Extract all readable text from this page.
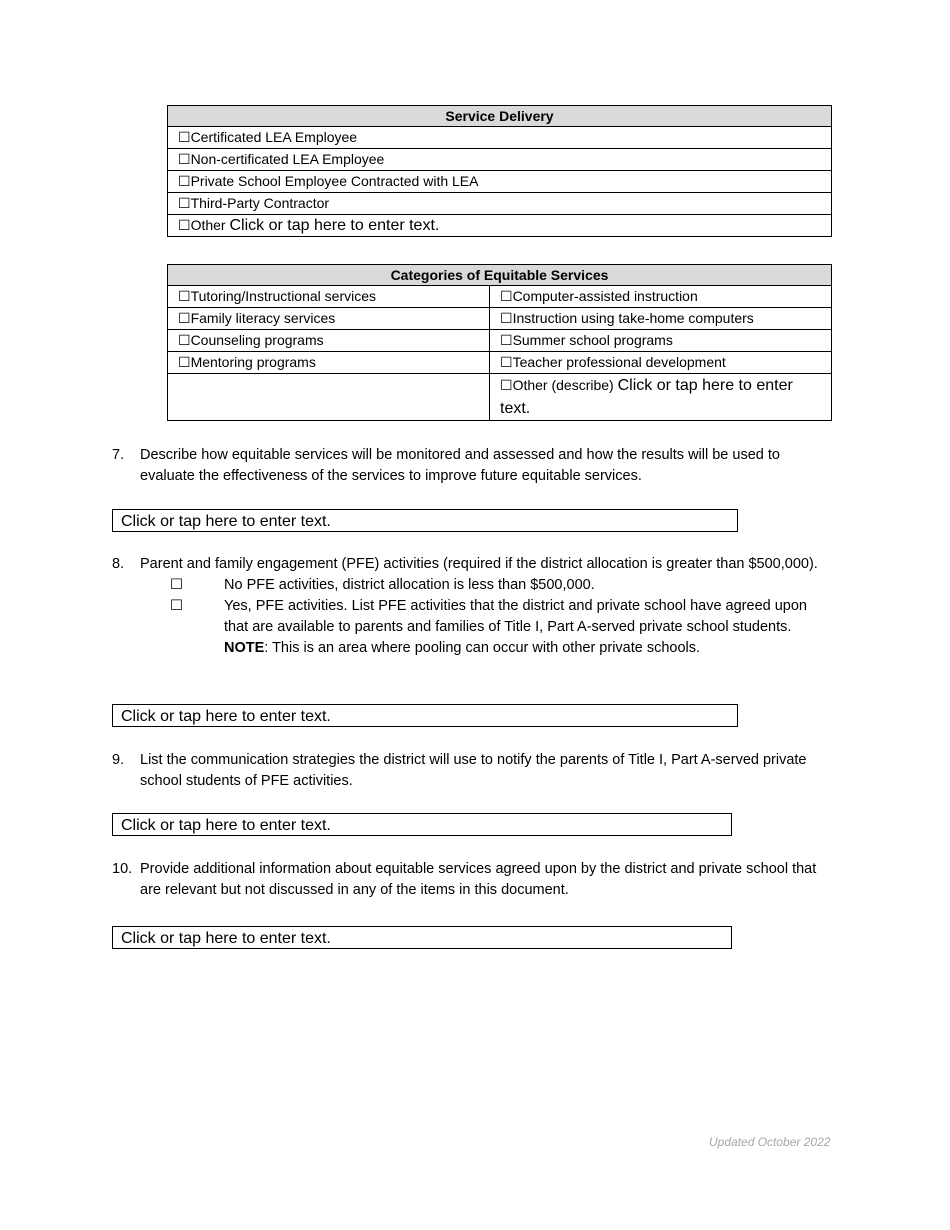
Service Delivery
☐Certificated LEA Employee
☐Non-certificated LEA Employee
☐Private School Employee Contracted with LEA
☐Third-Party Contractor
☐Other Click or tap here to enter text.
Categories of Equitable Services	
☐Tutoring/Instructional services	☐Computer-assisted instruction
☐Family literacy services	☐Instruction using take-home computers
☐Counseling programs	☐Summer school programs
☐Mentoring programs	☐Teacher professional development
	☐Other (describe) Click or tap here to enter text.
7. Describe how equitable services will be monitored and assessed and how the results will be used to evaluate the effectiveness of the services to improve future equitable services.
Click or tap here to enter text.
8. Parent and family engagement (PFE) activities (required if the district allocation is greater than $500,000).
☐	No PFE activities, district allocation is less than $500,000.
☐	Yes, PFE activities. List PFE activities that the district and private school have agreed upon that are available to parents and families of Title I, Part A-served private school students. NOTE: This is an area where pooling can occur with other private schools.
Click or tap here to enter text.
9. List the communication strategies the district will use to notify the parents of Title I, Part A-served private school students of PFE activities.
Click or tap here to enter text.
10. Provide additional information about equitable services agreed upon by the district and private school that are relevant but not discussed in any of the items in this document.
Click or tap here to enter text.
Updated October 2022
